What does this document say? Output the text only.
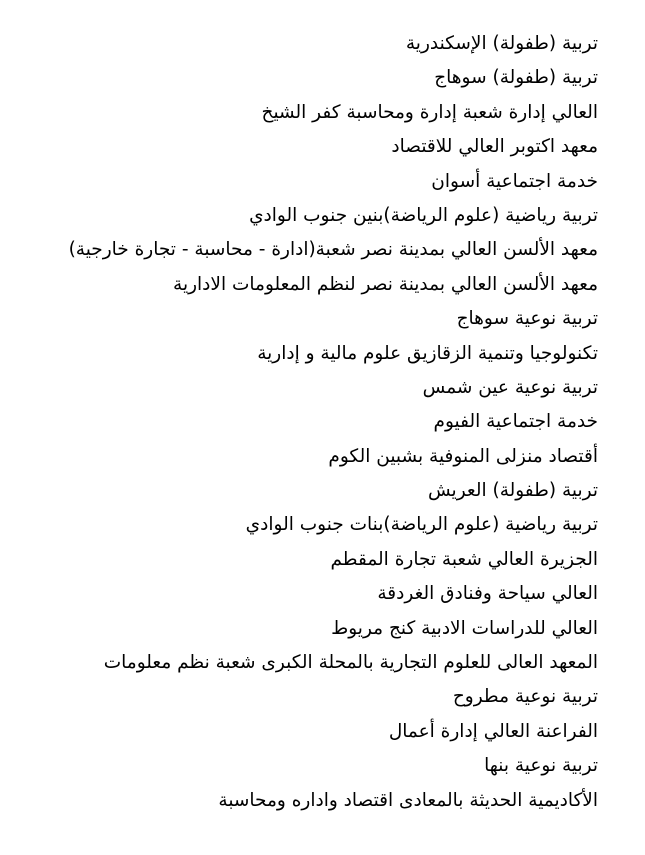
تربية (طفولة) الإسكندرية
تربية (طفولة) سوهاج
العالي إدارة شعبة إدارة ومحاسبة كفر الشيخ
معهد اكتوبر العالي للاقتصاد
خدمة اجتماعية أسوان
تربية رياضية (علوم الرياضة)بنين جنوب الوادي
معهد الألسن العالي بمدينة نصر شعبة(ادارة - محاسبة - تجارة خارجية)
معهد الألسن العالي بمدينة نصر لنظم المعلومات الادارية
تربية نوعية سوهاج
تكنولوجيا وتنمية الزقازيق علوم مالية و إدارية
تربية نوعية عين شمس
خدمة اجتماعية الفيوم
أقتصاد منزلى المنوفية بشبين الكوم
تربية (طفولة) العريش
تربية رياضية (علوم الرياضة)بنات جنوب الوادي
الجزيرة العالي شعبة تجارة المقطم
العالي سياحة وفنادق الغردقة
العالي للدراسات الادبية كنج مريوط
المعهد العالى للعلوم التجارية بالمحلة الكبرى شعبة نظم معلومات
تربية نوعية مطروح
الفراعنة العالي إدارة أعمال
تربية نوعية بنها
الأكاديمية الحديثة بالمعادى اقتصاد واداره ومحاسبة
